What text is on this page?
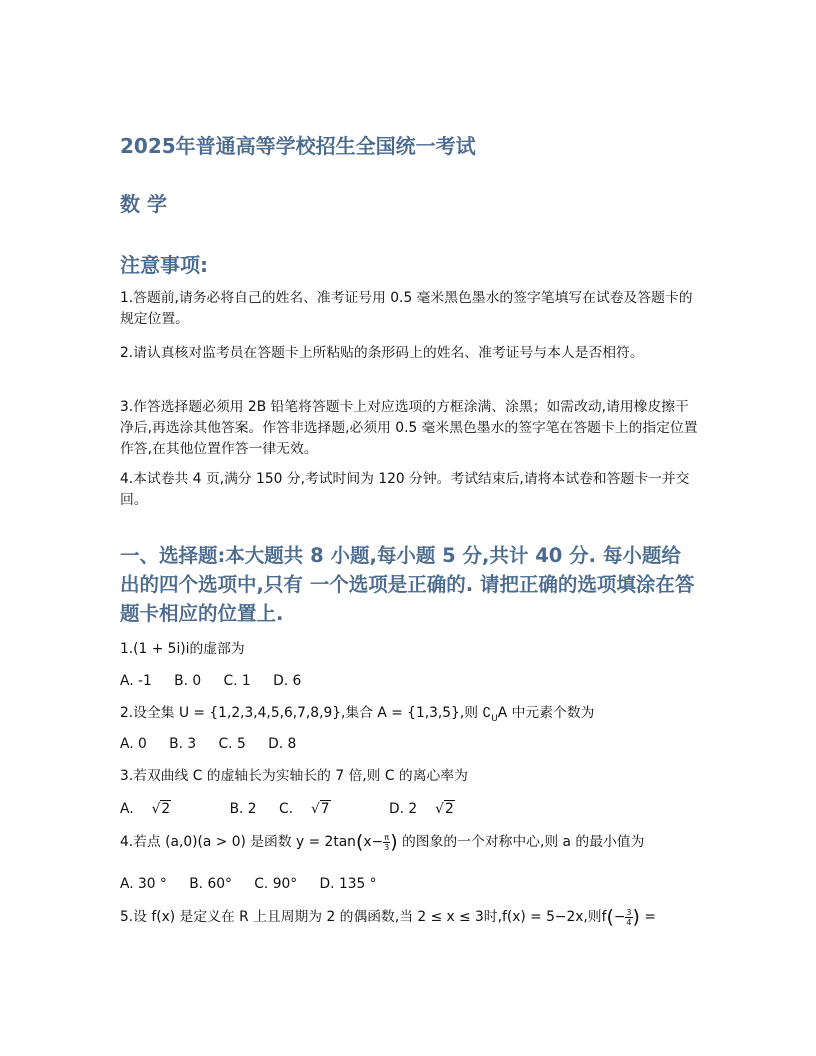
2025年普通高等学校招生全国统一考试
数 学
注意事项:

1.答题前,请务必将自己的姓名、准考证号用 0.5 毫米黑色墨水的签字笔填写在试卷及答题卡的规定位置。

2.请认真核对监考员在答题卡上所粘贴的条形码上的姓名、准考证号与本人是否相符。

3.作答选择题必须用 2B 铅笔将答题卡上对应选项的方框涂满、涂黑；如需改动,请用橡皮擦干净后,再选涂其他答案。作答非选择题,必须用 0.5 毫米黑色墨水的签字笔在答题卡上的指定位置作答,在其他位置作答一律无效。

4.本试卷共 4 页,满分 150 分,考试时间为 120 分钟。考试结束后,请将本试卷和答题卡一并交回。

一、选择题:本大题共 8 小题,每小题 5 分,共计 40 分. 每小题给出的四个选项中,只有 一个选项是正确的. 请把正确的选项填涂在答题卡相应的位置上.

1.(1 + 5i)i的虚部为

A. -1 B. 0 C. 1 D. 6

2.设全集 U = {1,2,3,4,5,6,7,8,9},集合 A = {1,3,5},则 $∁_UA$ 中元素个数为

A. 0 B. 3 C. 5 D. 8

3.若双曲线 C 的虚轴长为实轴长的 7 倍,则 C 的离心率为

A. √2	B. 2 C. √7	D. 2 √2

4.若点 (a,0)(a > 0) 是函数 $y = 2\tan(x- \frac{\pi}{3}$ ) 的图象的一个对称中心,则 a 的最小值为

A. 30 ° B. 60° C. 90° D. 135 °

5.设 f(x) 是定义在 R 上且周期为 2 的偶函数,当 2 ≤ x ≤ 3时,f(x) = 5−2x,则$f(- \frac{3}{4}$ ) =
